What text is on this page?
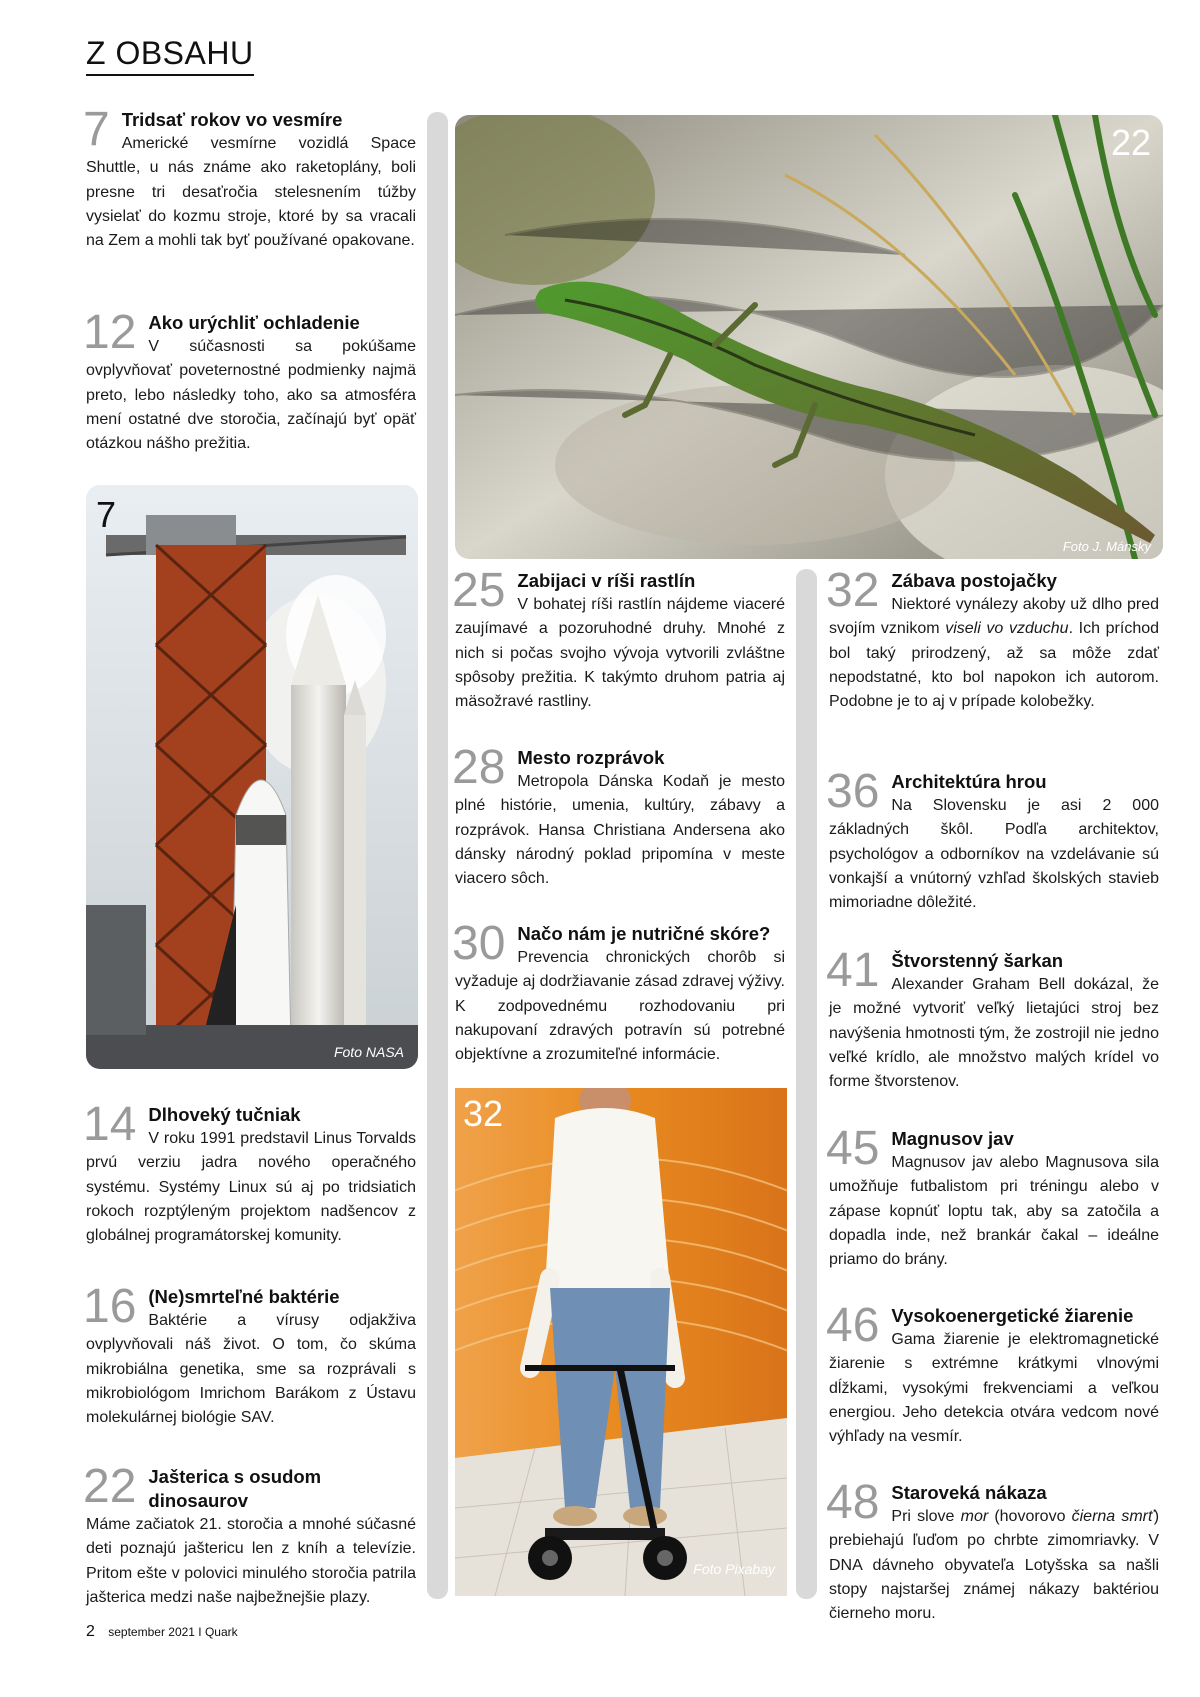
Z OBSAHU
7 Tridsať rokov vo vesmíre
Americké vesmírne vozidlá Space Shuttle, u nás známe ako raketoplány, boli presne tri desaťročia stelesnením túžby vysielať do kozmu stroje, ktoré by sa vracali na Zem a mohli tak byť používané opakovane.
12 Ako urýchliť ochladenie
V súčasnosti sa pokúšame ovplyvňovať poveternostné podmienky najmä preto, lebo následky toho, ako sa atmosféra mení ostatné dve storočia, začínajú byť opäť otázkou nášho prežitia.
7
Foto NASA
14 Dlhoveký tučniak
V roku 1991 predstavil Linus Torvalds prvú verziu jadra nového operačného systému. Systémy Linux sú aj po tridsiatich rokoch rozptýleným projektom nadšencov z globálnej programátorskej komunity.
16 (Ne)smrteľné baktérie
Baktérie a vírusy odjakživa ovplyvňovali náš život. O tom, čo skúma mikrobiálna genetika, sme sa rozprávali s mikrobiológom Imrichom Barákom z Ústavu molekulárnej biológie SAV.
22 Jašterica s osudom dinosaurov
Máme začiatok 21. storočia a mnohé súčasné deti poznajú jaštericu len z kníh a televízie. Pritom ešte v polovici minulého storočia patrila jašterica medzi naše najbežnejšie plazy.
22
Foto J. Mánsky
25 Zabijaci v ríši rastlín
V bohatej ríši rastlín nájdeme viaceré zaujímavé a pozoruhodné druhy. Mnohé z nich si počas svojho vývoja vytvorili zvláštne spôsoby prežitia. K takýmto druhom patria aj mäsožravé rastliny.
28 Mesto rozprávok
Metropola Dánska Kodaň je mesto plné histórie, umenia, kultúry, zábavy a rozprávok. Hansa Christiana Andersena ako dánsky národný poklad pripomína v meste viacero sôch.
30 Načo nám je nutričné skóre?
Prevencia chronických chorôb si vyžaduje aj dodržiavanie zásad zdravej výživy. K zodpovednému rozhodovaniu pri nakupovaní zdravých potravín sú potrebné objektívne a zrozumiteľné informácie.
32
Foto Pixabay
32 Zábava postojačky
Niektoré vynálezy akoby už dlho pred svojím vznikom viseli vo vzduchu. Ich príchod bol taký prirodzený, až sa môže zdať nepodstatné, kto bol napokon ich autorom. Podobne je to aj v prípade kolobežky.
36 Architektúra hrou
Na Slovensku je asi 2 000 základných škôl. Podľa architektov, psychológov a odborníkov na vzdelávanie sú vonkajší a vnútorný vzhľad školských stavieb mimoriadne dôležité.
41 Štvorstenný šarkan
Alexander Graham Bell dokázal, že je možné vytvoriť veľký lietajúci stroj bez navýšenia hmotnosti tým, že zostrojil nie jedno veľké krídlo, ale množstvo malých krídel vo forme štvorstenov.
45 Magnusov jav
Magnusov jav alebo Magnusova sila umožňuje futbalistom pri tréningu alebo v zápase kopnúť loptu tak, aby sa zatočila a dopadla inde, než brankár čakal – ideálne priamo do brány.
46 Vysokoenergetické žiarenie
Gama žiarenie je elektromagnetické žiarenie s extrémne krátkymi vlnovými dĺžkami, vysokými frekvenciami a veľkou energiou. Jeho detekcia otvára vedcom nové výhľady na vesmír.
48 Staroveká nákaza
Pri slove mor (hovorovo čierna smrť) prebiehajú ľuďom po chrbte zimomriavky. V DNA dávneho obyvateľa Lotyšska sa našli stopy najstaršej známej nákazy baktériou čierneho moru.
2 september 2021 I Quark
